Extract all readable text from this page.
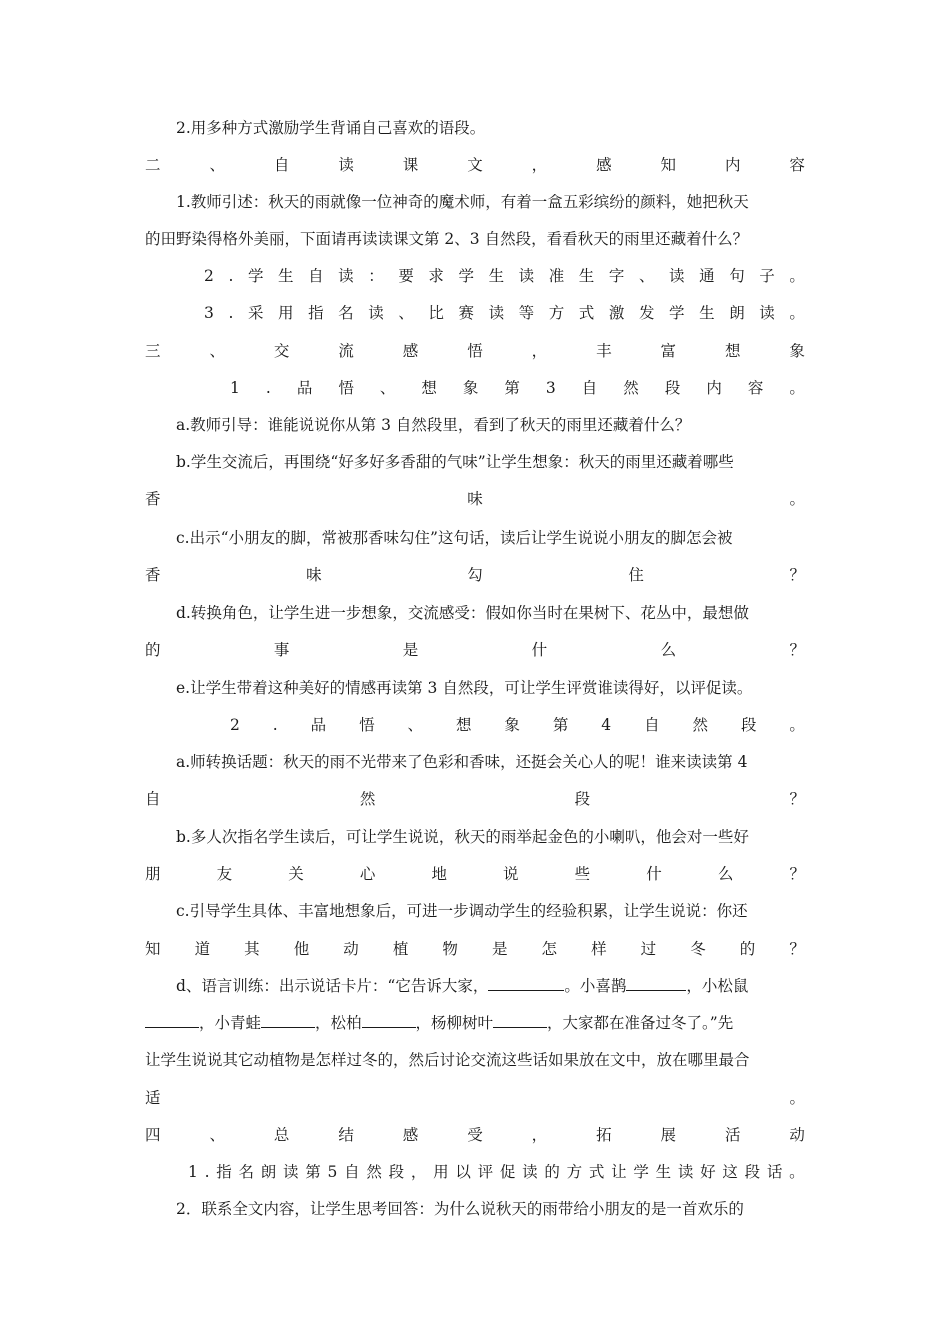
2.用多种方式激励学生背诵自己喜欢的语段。
二	、	自	读	课	文	，	感	知	内	容
1.教师引述：秋天的雨就像一位神奇的魔术师，有着一盒五彩缤纷的颜料，她把秋天
的田野染得格外美丽，下面请再读读课文第 2、3 自然段，看看秋天的雨里还藏着什么？
2 . 学 生 自 读 ： 要 求 学 生 读 准 生 字 、 读 通 句 子 。
3 . 采 用 指 名 读 、 比 赛 读 等 方 式 激 发 学 生 朗 读 。
三	、	交	流	感	悟	，	丰	富	想	象
1 . 品 悟 、 想 象 第 3 自 然 段 内 容 。
a.教师引导：谁能说说你从第 3 自然段里，看到了秋天的雨里还藏着什么？
b.学生交流后，再围绕“好多好多香甜的气味”让学生想象：秋天的雨里还藏着哪些
香	味	。
c.出示“小朋友的脚，常被那香味勾住”这句话，读后让学生说说小朋友的脚怎会被
香	味	勾	住	？
d.转换角色，让学生进一步想象，交流感受：假如你当时在果树下、花丛中，最想做
的	事	是	什	么	？
e.让学生带着这种美好的情感再读第 3 自然段，可让学生评赏谁读得好，以评促读。
2 . 品 悟 、 想 象 第 4 自 然 段 。
a.师转换话题：秋天的雨不光带来了色彩和香味，还挺会关心人的呢！谁来读读第 4
自	然	段	？
b.多人次指名学生读后，可让学生说说，秋天的雨举起金色的小喇叭，他会对一些好
朋	友	关	心	地	说	些	什	么	？
c.引导学生具体、丰富地想象后，可进一步调动学生的经验积累，让学生说说：你还
知 道 其 他 动 植 物 是 怎 样 过 冬 的 ？
d、语言训练：出示说话卡片：“它告诉大家，	。小喜鹊	，小松鼠
，小青蛙	，松柏	，杨柳树叶	，大家都在准备过冬了。”先
让学生说说其它动植物是怎样过冬的，然后讨论交流这些话如果放在文中，放在哪里最合
适	。
四	、	总	结	感	受	，	拓	展	活	动
1 . 指 名 朗 读 第 5 自 然 段 ， 用 以 评 促 读 的 方 式 让 学 生 读 好 这 段 话 。
2．联系全文内容，让学生思考回答：为什么说秋天的雨带给小朋友的是一首欢乐的
